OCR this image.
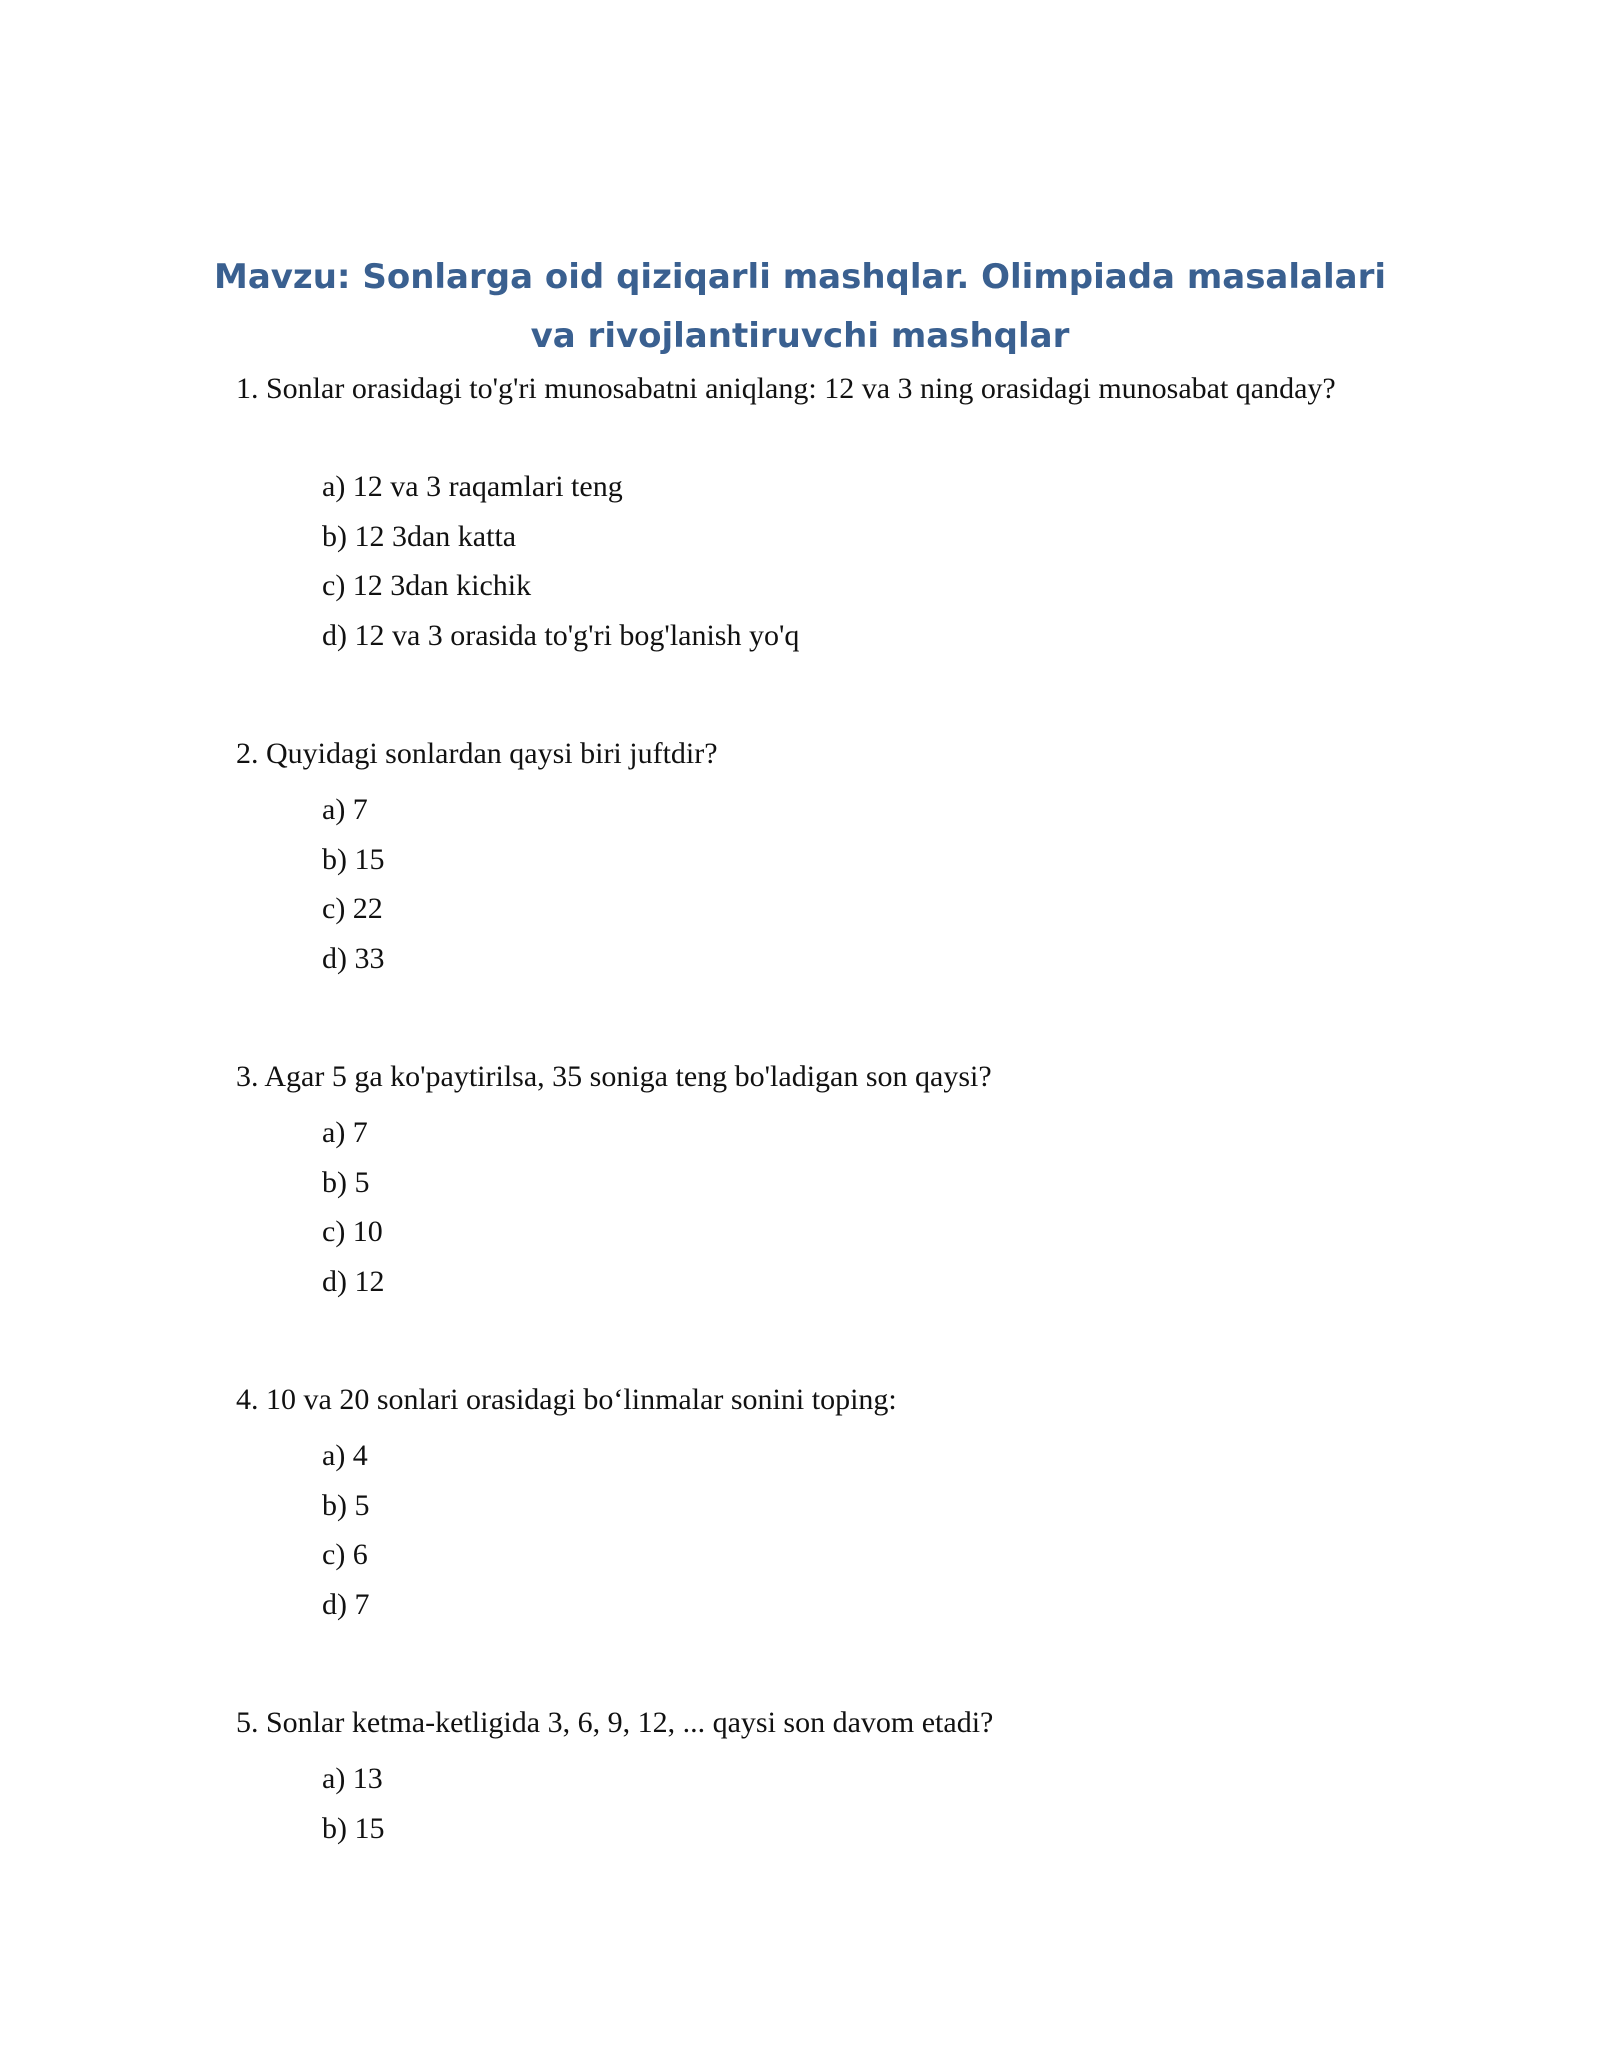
Mavzu: Sonlarga oid qiziqarli mashqlar. Olimpiada masalalari va rivojlantiruvchi mashqlar

1. Sonlar orasidagi to'g'ri munosabatni aniqlang: 12 va 3 ning orasidagi munosabat qanday?

a) 12 va 3 raqamlari teng
b) 12 3dan katta
c) 12 3dan kichik
d) 12 va 3 orasida to'g'ri bog'lanish yo'q

2. Quyidagi sonlardan qaysi biri juftdir?

a) 7
b) 15
c) 22
d) 33

3. Agar 5 ga ko'paytirilsa, 35 soniga teng bo'ladigan son qaysi?

a) 7
b) 5
c) 10
d) 12

4. 10 va 20 sonlari orasidagi bo‘linmalar sonini toping:

a) 4
b) 5
c) 6
d) 7

5. Sonlar ketma-ketligida 3, 6, 9, 12, ... qaysi son davom etadi?

a) 13
b) 15
